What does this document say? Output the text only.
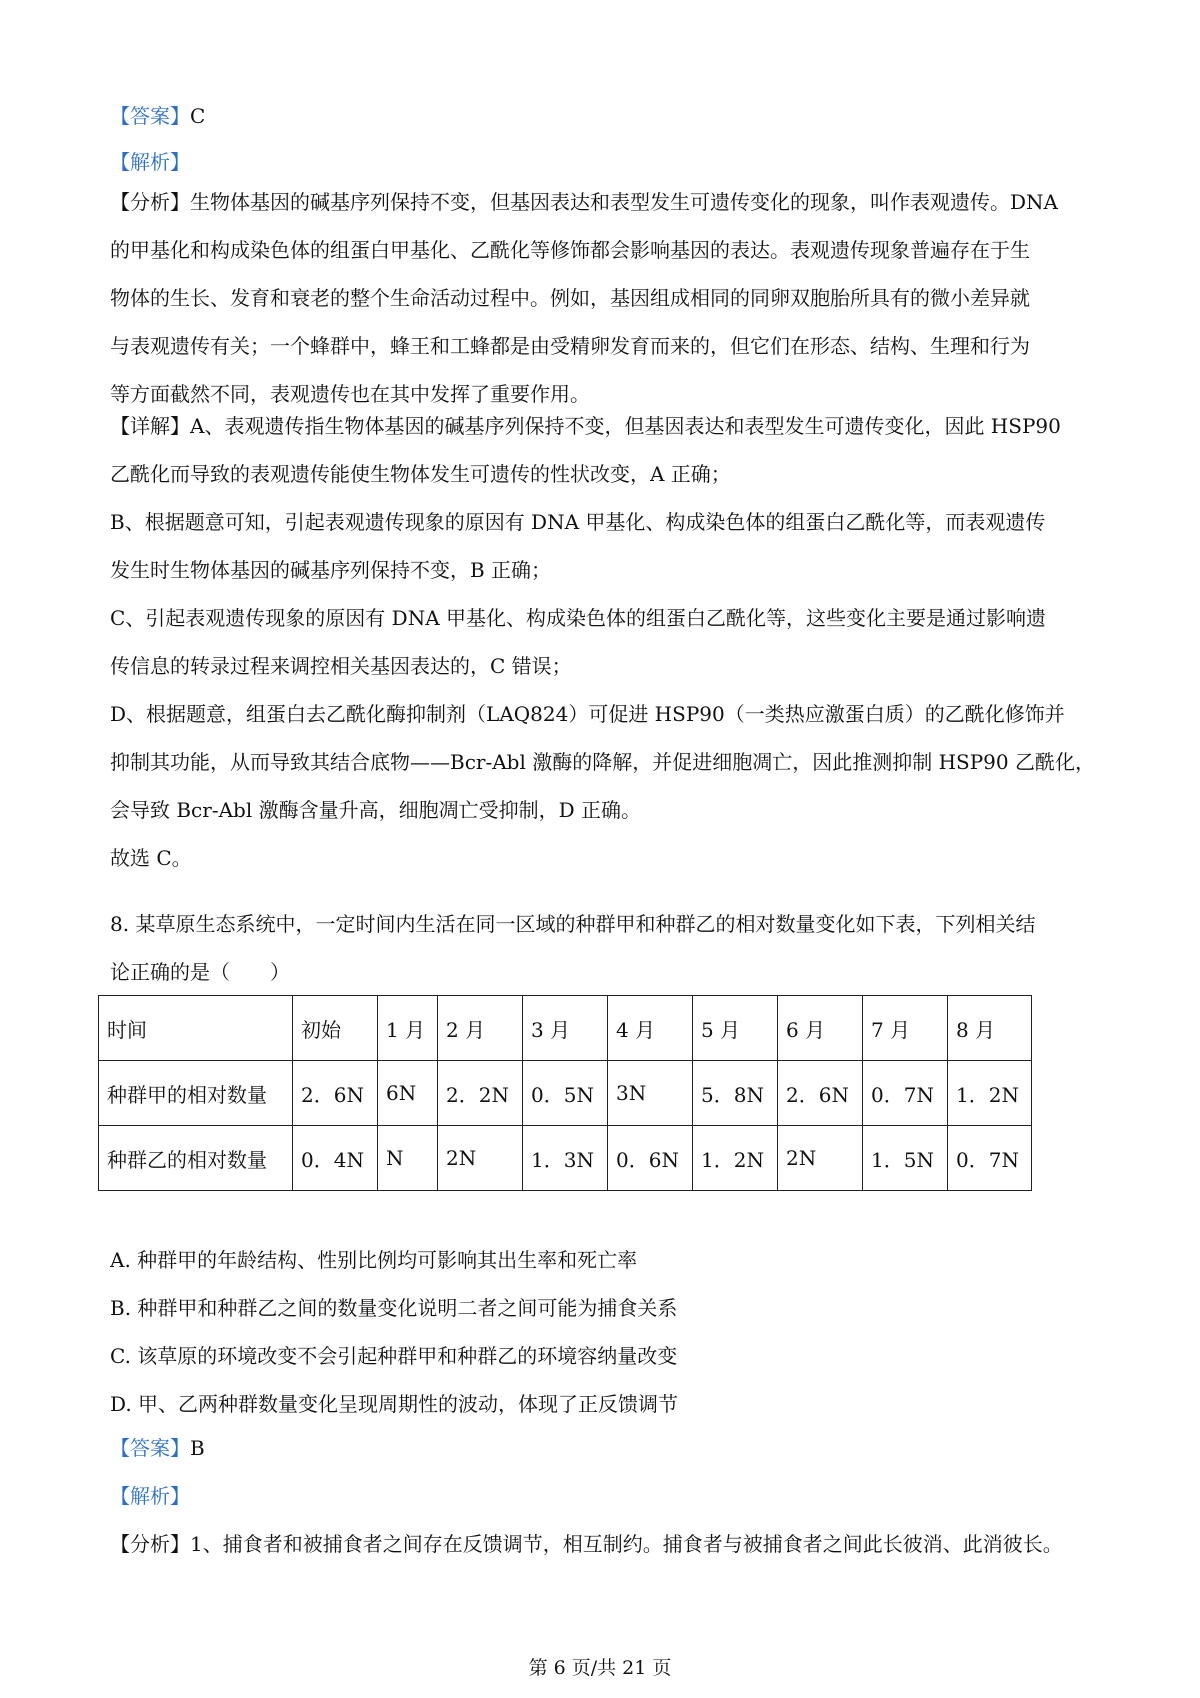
【答案】C
【解析】
【分析】生物体基因的碱基序列保持不变，但基因表达和表型发生可遗传变化的现象，叫作表观遗传。DNA
的甲基化和构成染色体的组蛋白甲基化、乙酰化等修饰都会影响基因的表达。表观遗传现象普遍存在于生
物体的生长、发育和衰老的整个生命活动过程中。例如，基因组成相同的同卵双胞胎所具有的微小差异就
与表观遗传有关；一个蜂群中，蜂王和工蜂都是由受精卵发育而来的，但它们在形态、结构、生理和行为
等方面截然不同，表观遗传也在其中发挥了重要作用。
【详解】A、表观遗传指生物体基因的碱基序列保持不变，但基因表达和表型发生可遗传变化，因此 HSP90
乙酰化而导致的表观遗传能使生物体发生可遗传的性状改变，A 正确；
B、根据题意可知，引起表观遗传现象的原因有 DNA 甲基化、构成染色体的组蛋白乙酰化等，而表观遗传
发生时生物体基因的碱基序列保持不变，B 正确；
C、引起表观遗传现象的原因有 DNA 甲基化、构成染色体的组蛋白乙酰化等，这些变化主要是通过影响遗
传信息的转录过程来调控相关基因表达的，C 错误；
D、根据题意，组蛋白去乙酰化酶抑制剂（LAQ824）可促进 HSP90（一类热应激蛋白质）的乙酰化修饰并
抑制其功能，从而导致其结合底物——Bcr-Abl 激酶的降解，并促进细胞凋亡，因此推测抑制 HSP90 乙酰化，
会导致 Bcr-Abl 激酶含量升高，细胞凋亡受抑制，D 正确。
故选 C。
8. 某草原生态系统中，一定时间内生活在同一区域的种群甲和种群乙的相对数量变化如下表，下列相关结
论正确的是（　　）
时间	初始	1 月	2 月	3 月	4 月	5 月	6 月	7 月	8 月
种群甲的相对数量	2．6N	6N	2．2N	0．5N	3N	5．8N	2．6N	0．7N	1．2N
种群乙的相对数量	0．4N	N	2N	1．3N	0．6N	1．2N	2N	1．5N	0．7N
A. 种群甲的年龄结构、性别比例均可影响其出生率和死亡率
B. 种群甲和种群乙之间的数量变化说明二者之间可能为捕食关系
C. 该草原的环境改变不会引起种群甲和种群乙的环境容纳量改变
D. 甲、乙两种群数量变化呈现周期性的波动，体现了正反馈调节
【答案】B
【解析】
【分析】1、捕食者和被捕食者之间存在反馈调节，相互制约。捕食者与被捕食者之间此长彼消、此消彼长。
第 6 页/共 21 页
